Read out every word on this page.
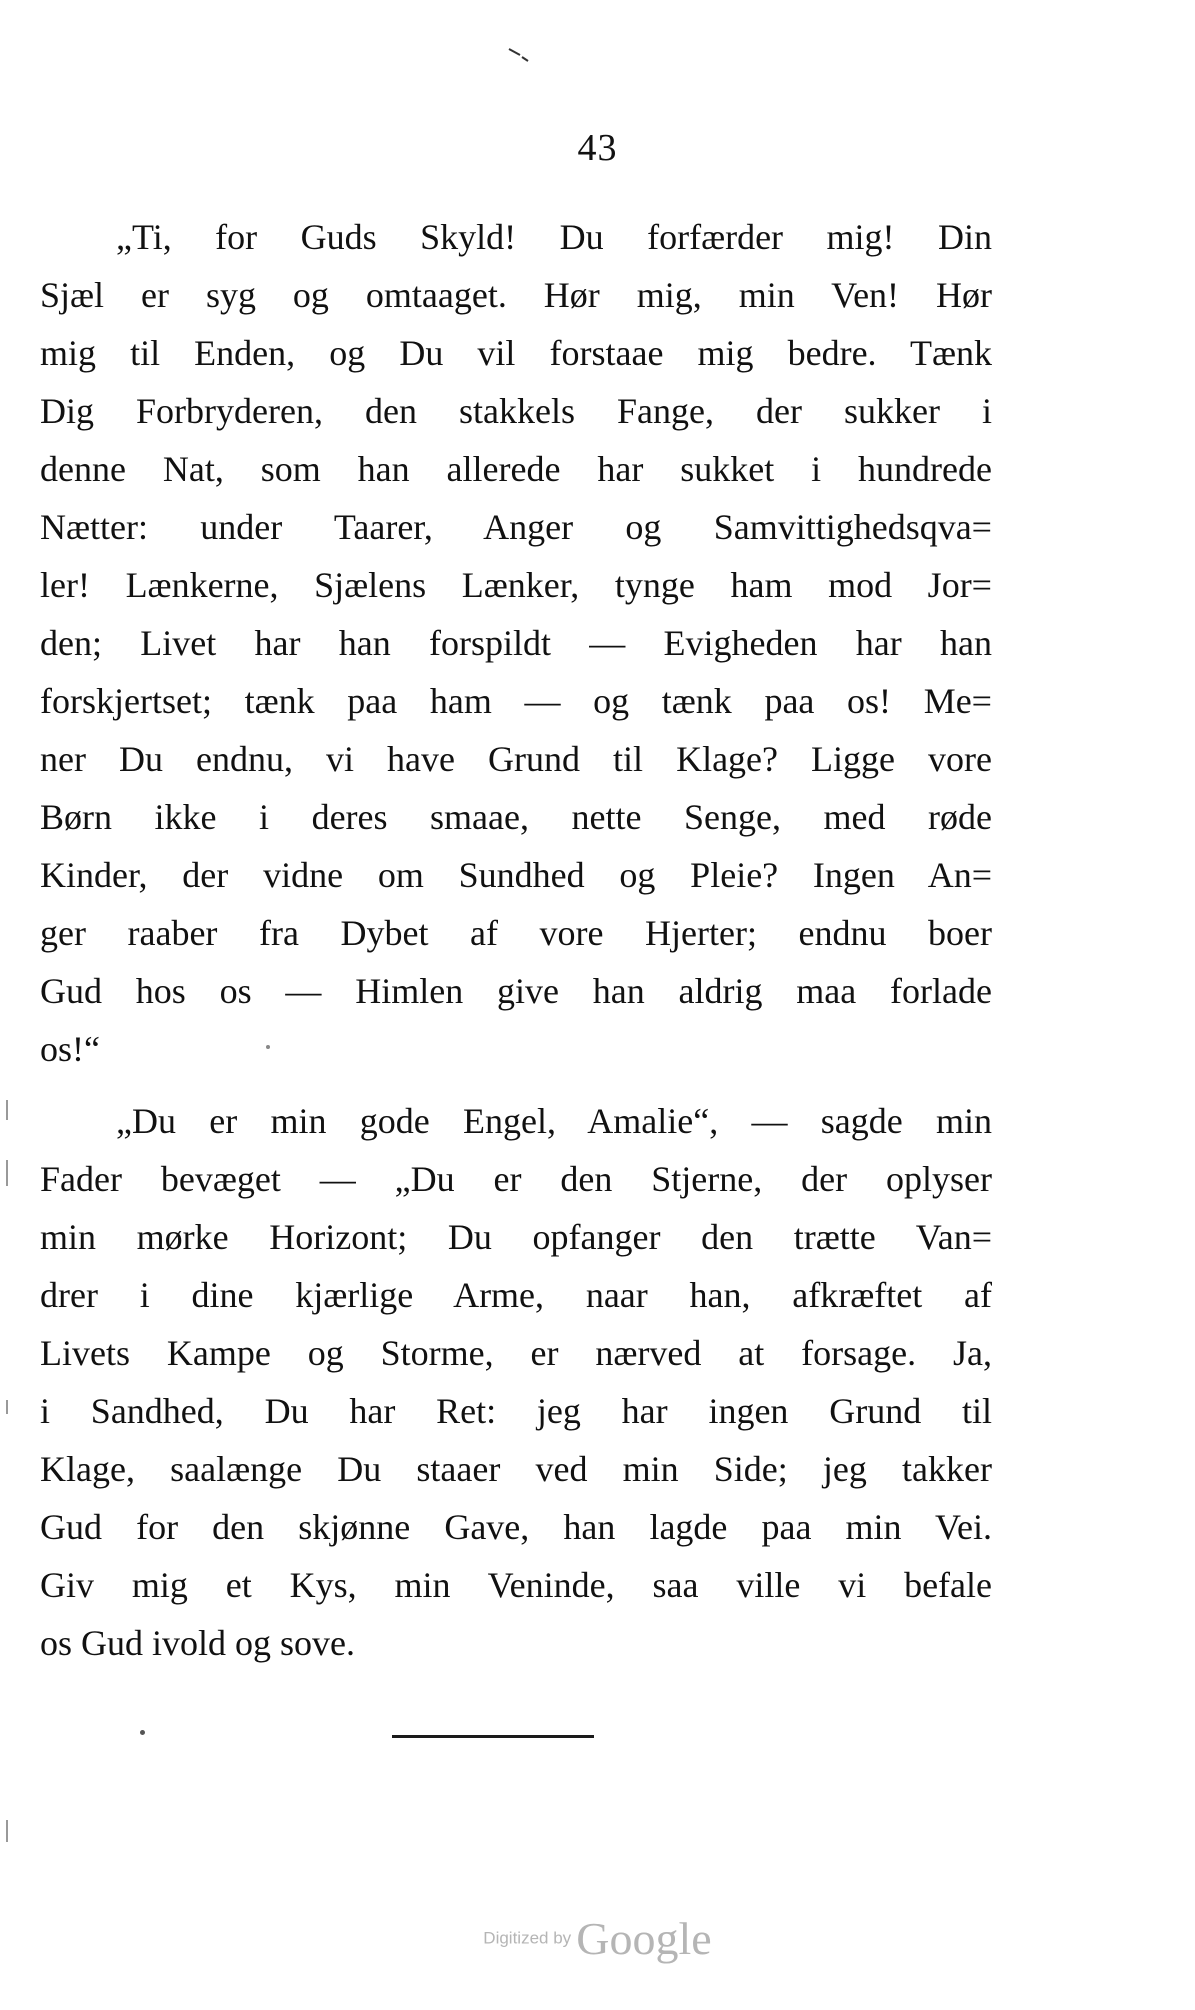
43
„Ti, for Guds Skyld! Du forfærder mig! Din
Sjæl er syg og omtaaget. Hør mig, min Ven! Hør
mig til Enden, og Du vil forstaae mig bedre. Tænk
Dig Forbryderen, den stakkels Fange, der sukker i
denne Nat, som han allerede har sukket i hundrede
Nætter: under Taarer, Anger og Samvittighedsqva=
ler! Lænkerne, Sjælens Lænker, tynge ham mod Jor=
den; Livet har han forspildt — Evigheden har han
forskjertset; tænk paa ham — og tænk paa os! Me=
ner Du endnu, vi have Grund til Klage? Ligge vore
Børn ikke i deres smaae, nette Senge, med røde
Kinder, der vidne om Sundhed og Pleie? Ingen An=
ger raaber fra Dybet af vore Hjerter; endnu boer
Gud hos os — Himlen give han aldrig maa forlade
os!“
„Du er min gode Engel, Amalie“, — sagde min
Fader bevæget — „Du er den Stjerne, der oplyser
min mørke Horizont; Du opfanger den trætte Van=
drer i dine kjærlige Arme, naar han, afkræftet af
Livets Kampe og Storme, er nærved at forsage. Ja,
i Sandhed, Du har Ret: jeg har ingen Grund til
Klage, saalænge Du staaer ved min Side; jeg takker
Gud for den skjønne Gave, han lagde paa min Vei.
Giv mig et Kys, min Veninde, saa ville vi befale
os Gud ivold og sove.
Digitized by Google
